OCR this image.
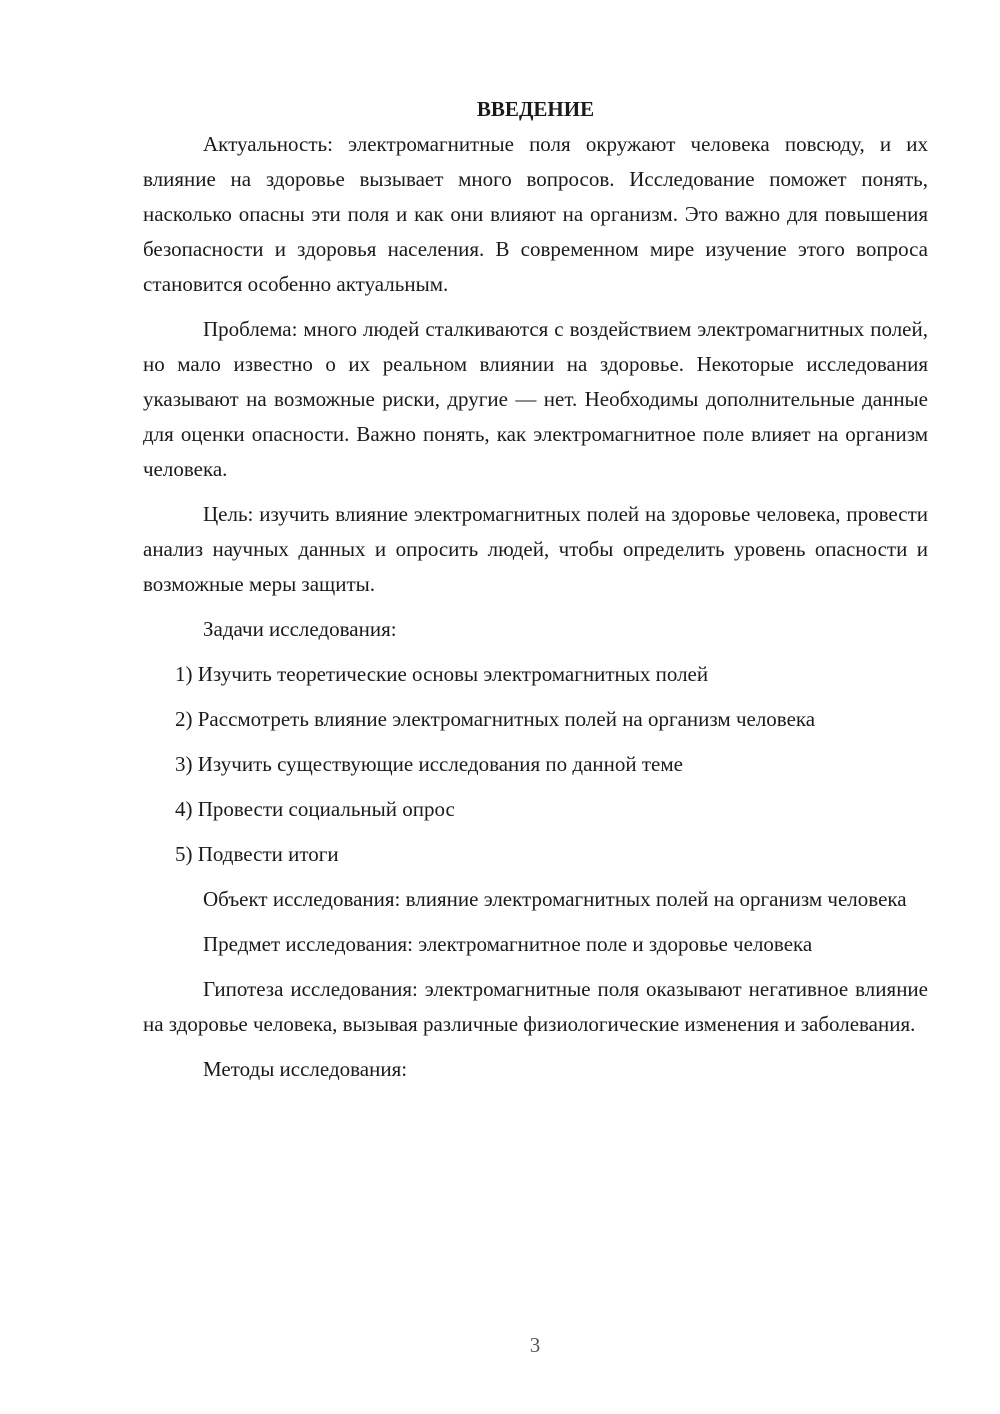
ВВЕДЕНИЕ

Актуальность: электромагнитные поля окружают человека повсюду, и их влияние на здоровье вызывает много вопросов. Исследование поможет понять, насколько опасны эти поля и как они влияют на организм. Это важно для повышения безопасности и здоровья населения. В современном мире изучение этого вопроса становится особенно актуальным.

Проблема: много людей сталкиваются с воздействием электромагнитных полей, но мало известно о их реальном влиянии на здоровье. Некоторые исследования указывают на возможные риски, другие — нет. Необходимы дополнительные данные для оценки опасности. Важно понять, как электромагнитное поле влияет на организм человека.

Цель: изучить влияние электромагнитных полей на здоровье человека, провести анализ научных данных и опросить людей, чтобы определить уровень опасности и возможные меры защиты.

Задачи исследования:

1) Изучить теоретические основы электромагнитных полей

2) Рассмотреть влияние электромагнитных полей на организм человека

3) Изучить существующие исследования по данной теме

4) Провести социальный опрос

5) Подвести итоги

Объект исследования: влияние электромагнитных полей на организм человека

Предмет исследования: электромагнитное поле и здоровье человека

Гипотеза исследования: электромагнитные поля оказывают негативное влияние на здоровье человека, вызывая различные физиологические изменения и заболевания.

Методы исследования:

3
